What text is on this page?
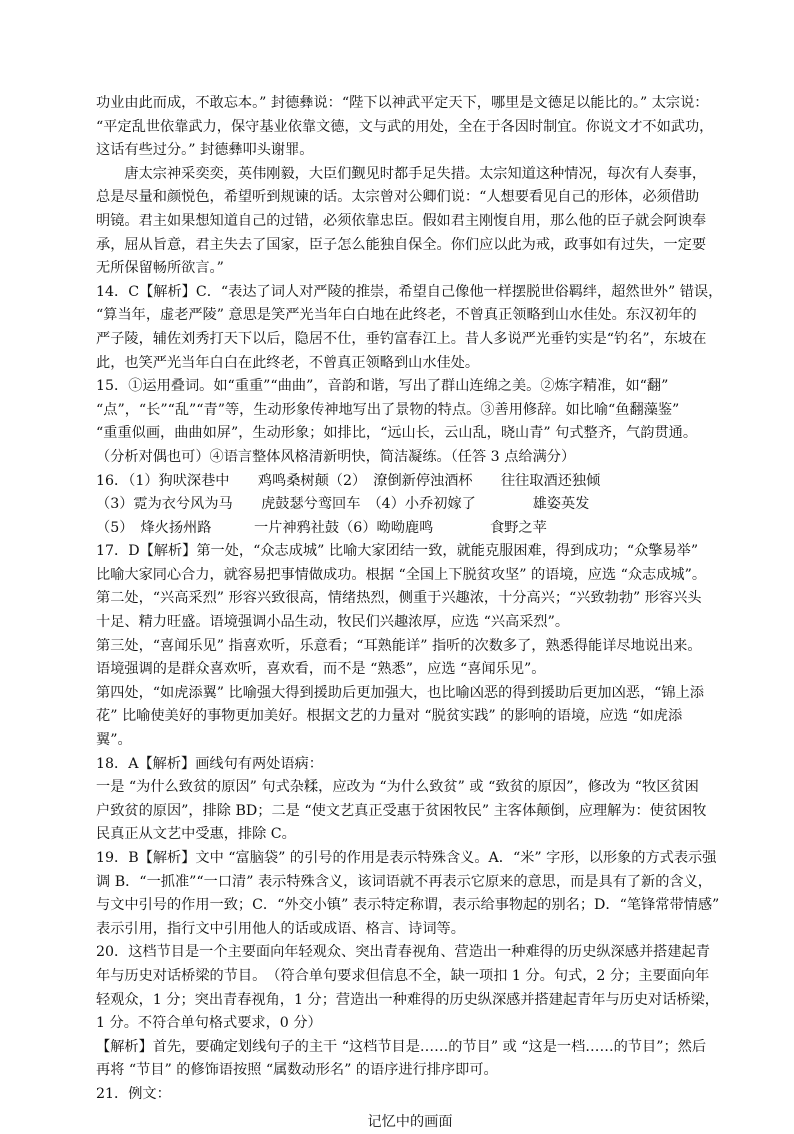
功业由此而成，不敢忘本。” 封德彝说：“陛下以神武平定天下，哪里是文德足以能比的。” 太宗说：
“平定乱世依靠武力，保守基业依靠文德，文与武的用处，全在于各因时制宜。你说文才不如武功，
这话有些过分。” 封德彝叩头谢罪。
唐太宗神采奕奕，英伟刚毅，大臣们觐见时都手足失措。太宗知道这种情况，每次有人奏事，
总是尽量和颜悦色，希望听到规谏的话。太宗曾对公卿们说：“人想要看见自己的形体，必须借助
明镜。君主如果想知道自己的过错，必须依靠忠臣。假如君主刚愎自用，那么他的臣子就会阿谀奉
承，屈从旨意，君主失去了国家，臣子怎么能独自保全。你们应以此为戒，政事如有过失，一定要
无所保留畅所欲言。”
14．C【解析】C．“表达了词人对严陵的推崇，希望自己像他一样摆脱世俗羁绊，超然世外” 错误，
“算当年，虚老严陵” 意思是笑严光当年白白地在此终老，不曾真正领略到山水佳处。东汉初年的
严子陵，辅佐刘秀打天下以后，隐居不仕，垂钓富春江上。昔人多说严光垂钓实是“钓名”，东坡在
此，也笑严光当年白白在此终老，不曾真正领略到山水佳处。
15．①运用叠词。如“重重”“曲曲”，音韵和谐，写出了群山连绵之美。②炼字精准，如“翻”
“点”，“长”“乱”“青”等，生动形象传神地写出了景物的特点。③善用修辞。如比喻“鱼翻藻鉴”
“重重似画，曲曲如屏”，生动形象；如排比，“远山长，云山乱，晓山青” 句式整齐，气韵贯通。
（分析对偶也可）④语言整体风格清新明快，简洁凝练。（任答 3 点给满分）
16．（1）狗吠深巷中　　鸡鸣桑树颠（2）　潦倒新停浊酒杯　　往往取酒还独倾
（3）霓为衣兮风为马　　虎鼓瑟兮鸾回车　（4）小乔初嫁了　　　　雄姿英发
（5）　烽火扬州路　　　一片神鸦社鼓（6）呦呦鹿鸣　　　　食野之苹
17．D【解析】第一处，“众志成城” 比喻大家团结一致，就能克服困难，得到成功；“众擎易举”
比喻大家同心合力，就容易把事情做成功。根据 “全国上下脱贫攻坚” 的语境，应选 “众志成城”。
第二处，“兴高采烈” 形容兴致很高，情绪热烈，侧重于兴趣浓，十分高兴；“兴致勃勃” 形容兴头
十足、精力旺盛。语境强调小品生动，牧民们兴趣浓厚，应选 “兴高采烈”。
第三处，“喜闻乐见” 指喜欢听，乐意看；“耳熟能详” 指听的次数多了，熟悉得能详尽地说出来。
语境强调的是群众喜欢听，喜欢看，而不是 “熟悉”，应选 “喜闻乐见”。
第四处，“如虎添翼” 比喻强大得到援助后更加强大，也比喻凶恶的得到援助后更加凶恶，“锦上添
花” 比喻使美好的事物更加美好。根据文艺的力量对 “脱贫实践” 的影响的语境，应选 “如虎添
翼”。
18．A【解析】画线句有两处语病：
一是 “为什么致贫的原因” 句式杂糅，应改为 “为什么致贫” 或 “致贫的原因”，修改为 “牧区贫困
户致贫的原因”，排除 BD；二是 “使文艺真正受惠于贫困牧民” 主客体颠倒，应理解为：使贫困牧
民真正从文艺中受惠，排除 C。
19．B【解析】文中 “富脑袋” 的引号的作用是表示特殊含义。A．“米” 字形，以形象的方式表示强
调 B．“一抓准”“一口清” 表示特殊含义，该词语就不再表示它原来的意思，而是具有了新的含义，
与文中引号的作用一致；C．“外交小镇” 表示特定称谓，表示给事物起的别名；D．“笔锋常带情感”
表示引用，指行文中引用他人的话或成语、格言、诗词等。
20．这档节目是一个主要面向年轻观众、突出青春视角、营造出一种难得的历史纵深感并搭建起青
年与历史对话桥梁的节目。　（符合单句要求但信息不全，缺一项扣 1 分。句式，2 分；主要面向年
轻观众，1 分；突出青春视角，1 分；营造出一种难得的历史纵深感并搭建起青年与历史对话桥梁，
1 分。不符合单句格式要求，0 分）
【解析】首先，要确定划线句子的主干 “这档节目是……的节目” 或 “这是一档……的节目”；然后
再将 “节目” 的修饰语按照 “属数动形名” 的语序进行排序即可。
21．例文：
记忆中的画面
